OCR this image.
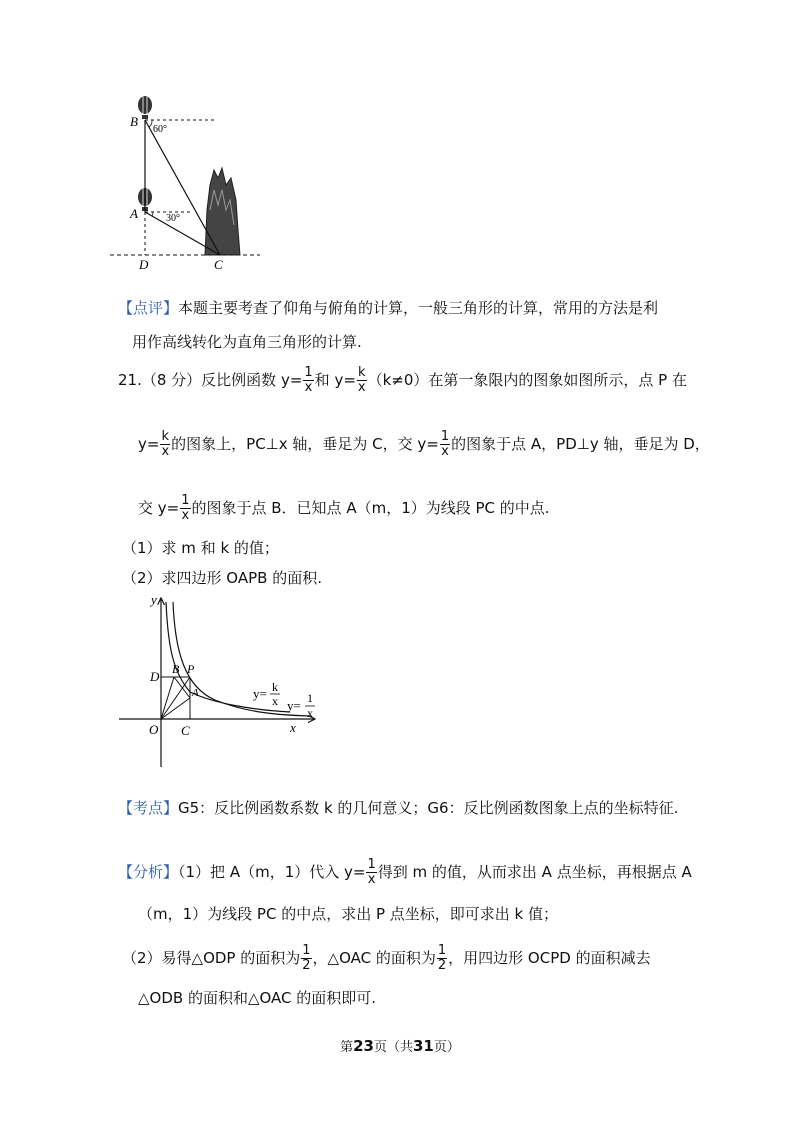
B
A
D	C
60°
30°
【点评】本题主要考查了仰角与俯角的计算，一般三角形的计算，常用的方法是利
用作高线转化为直角三角形的计算.
21.（8 分）反比例函数 $y= \frac{1}{x}$ 和 $y= \frac{k}{x} (k\ne 0)$在第一象限内的图象如图所示，点 P 在
$y= \frac{k}{x}$ 的图象上，PC⊥x 轴，垂足为 C，交 $y= \frac{1}{x}$ 的图象于点 A，PD⊥y 轴，垂足为 D，
交 $y= \frac{1}{x}$ 的图象于点 B．已知点 A（m，1）为线段 PC 的中点.
（1）求 m 和 k 的值；
（2）求四边形 OAPB 的面积.
y
x
O C
D B P
A	y= k
x y= 1
x
【考点】G5：反比例函数系数 k 的几何意义；G6：反比例函数图象上点的坐标特征.
【分析】（1）把 A（m，1）代入 $y= \frac{1}{x}$ 得到 m 的值，从而求出 A 点坐标，再根据点 A
（m，1）为线段 PC 的中点，求出 P 点坐标，即可求出 k 值；
（2）易得△ODP 的面积为 $\frac{1}{2}$ ，△OAC 的面积为 $\frac{1}{2}$ ，用四边形 OCPD 的面积减去
△ODB 的面积和△OAC 的面积即可.
第23页（共31页）
